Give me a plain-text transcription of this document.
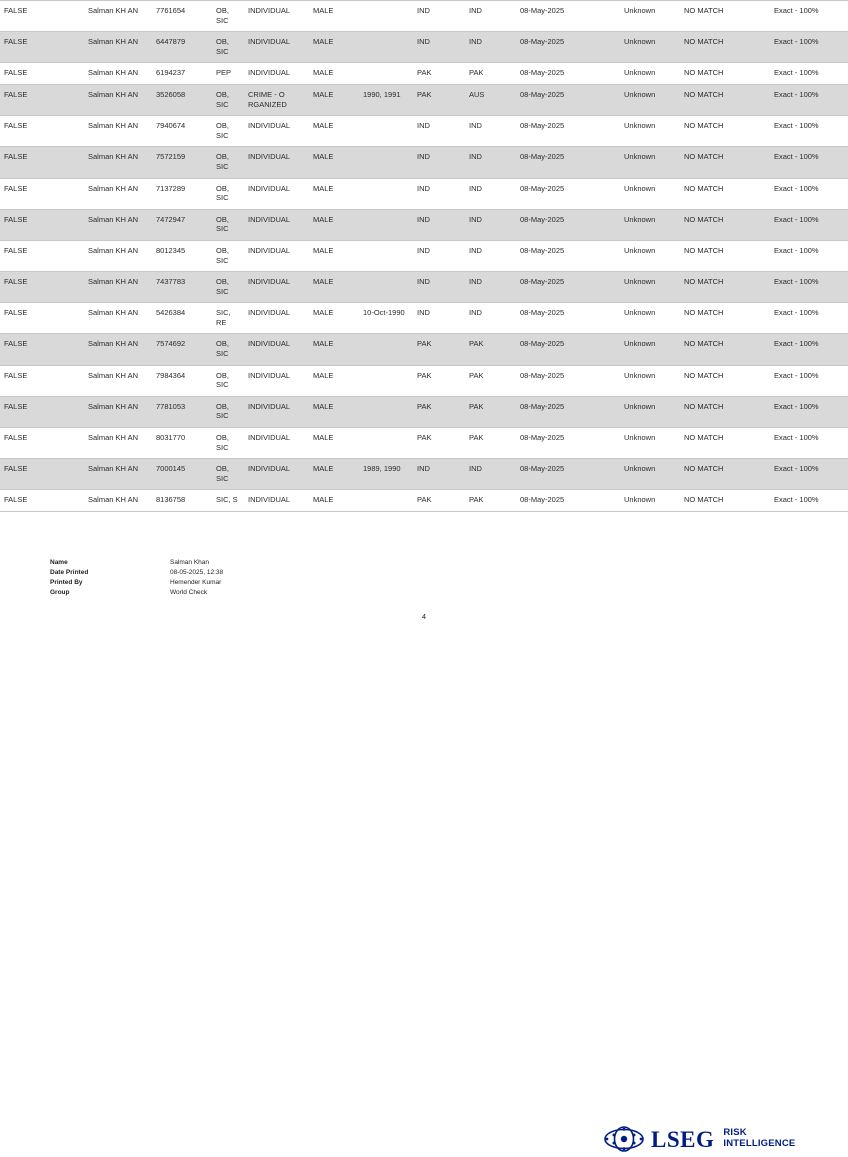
FALSE	Salman KH AN	7761654	OB, SIC	INDIVIDUAL	MALE		IND	IND	08-May-2025	Unknown	NO MATCH	Exact - 100%
FALSE	Salman KH AN	6447879	OB, SIC	INDIVIDUAL	MALE		IND	IND	08-May-2025	Unknown	NO MATCH	Exact - 100%
FALSE	Salman KH AN	6194237	PEP	INDIVIDUAL	MALE		PAK	PAK	08-May-2025	Unknown	NO MATCH	Exact - 100%
FALSE	Salman KH AN	3526058	OB, SIC	CRIME - O RGANIZED	MALE	1990, 1991	PAK	AUS	08-May-2025	Unknown	NO MATCH	Exact - 100%
FALSE	Salman KH AN	7940674	OB, SIC	INDIVIDUAL	MALE		IND	IND	08-May-2025	Unknown	NO MATCH	Exact - 100%
FALSE	Salman KH AN	7572159	OB, SIC	INDIVIDUAL	MALE		IND	IND	08-May-2025	Unknown	NO MATCH	Exact - 100%
FALSE	Salman KH AN	7137289	OB, SIC	INDIVIDUAL	MALE		IND	IND	08-May-2025	Unknown	NO MATCH	Exact - 100%
FALSE	Salman KH AN	7472947	OB, SIC	INDIVIDUAL	MALE		IND	IND	08-May-2025	Unknown	NO MATCH	Exact - 100%
FALSE	Salman KH AN	8012345	OB, SIC	INDIVIDUAL	MALE		IND	IND	08-May-2025	Unknown	NO MATCH	Exact - 100%
FALSE	Salman KH AN	7437783	OB, SIC	INDIVIDUAL	MALE		IND	IND	08-May-2025	Unknown	NO MATCH	Exact - 100%
FALSE	Salman KH AN	5426384	SIC, RE	INDIVIDUAL	MALE	10-Oct-1990	IND	IND	08-May-2025	Unknown	NO MATCH	Exact - 100%
FALSE	Salman KH AN	7574692	OB, SIC	INDIVIDUAL	MALE		PAK	PAK	08-May-2025	Unknown	NO MATCH	Exact - 100%
FALSE	Salman KH AN	7984364	OB, SIC	INDIVIDUAL	MALE		PAK	PAK	08-May-2025	Unknown	NO MATCH	Exact - 100%
FALSE	Salman KH AN	7781053	OB, SIC	INDIVIDUAL	MALE		PAK	PAK	08-May-2025	Unknown	NO MATCH	Exact - 100%
FALSE	Salman KH AN	8031770	OB, SIC	INDIVIDUAL	MALE		PAK	PAK	08-May-2025	Unknown	NO MATCH	Exact - 100%
FALSE	Salman KH AN	7000145	OB, SIC	INDIVIDUAL	MALE	1989, 1990	IND	IND	08-May-2025	Unknown	NO MATCH	Exact - 100%
FALSE	Salman KH AN	8136758	SIC, S	INDIVIDUAL	MALE		PAK	PAK	08-May-2025	Unknown	NO MATCH	Exact - 100%
Name	Salman Khan
Date Printed	08-05-2025, 12:38
Printed By	Hemender Kumar
Group	World Check
LSEG RISK
INTELLIGENCE
4
